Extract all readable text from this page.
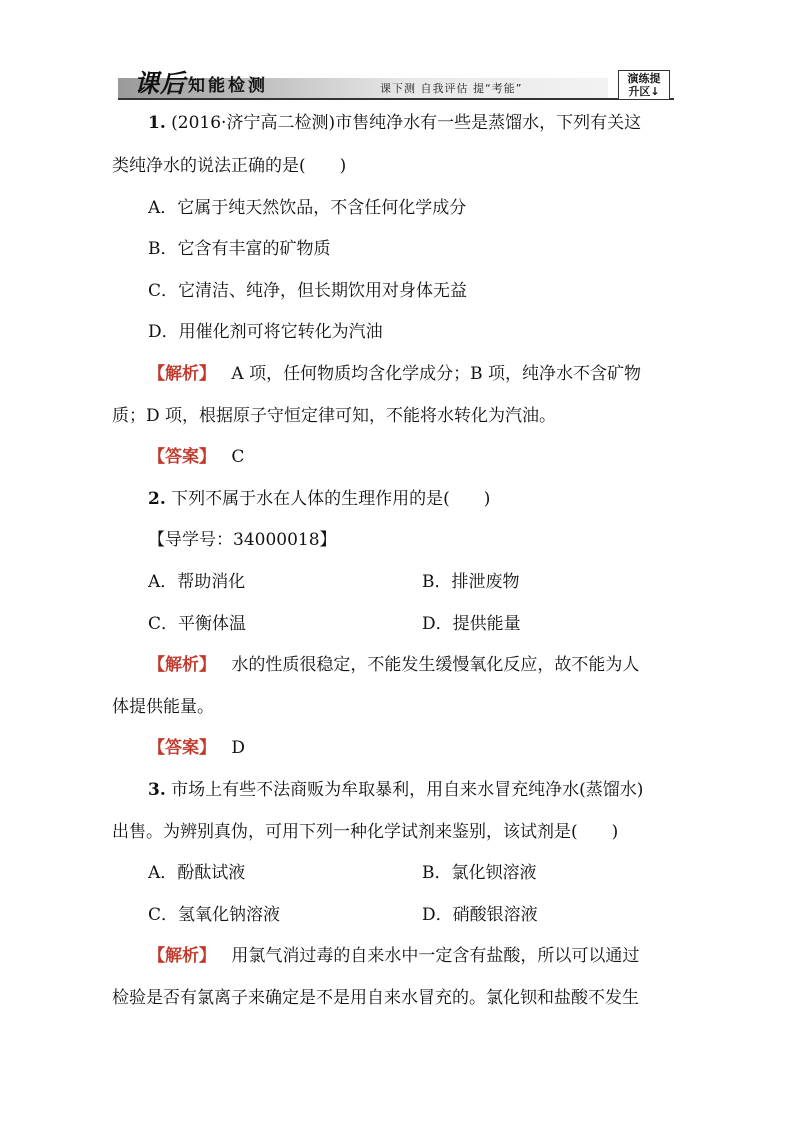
课后 知能检测	课下测 自我评估 提“考能”
演练提
升区↓
1. (2016·济宁高二检测)市售纯净水有一些是蒸馏水，下列有关这
类纯净水的说法正确的是(　　)
A．它属于纯天然饮品，不含任何化学成分
B．它含有丰富的矿物质
C．它清洁、纯净，但长期饮用对身体无益
D．用催化剂可将它转化为汽油
【解析】 A 项，任何物质均含化学成分；B 项，纯净水不含矿物
质；D 项，根据原子守恒定律可知，不能将水转化为汽油。
【答案】 C
2. 下列不属于水在人体的生理作用的是(　　)
【导学号：34000018】
A．帮助消化	B．排泄废物
C．平衡体温	D．提供能量
【解析】 水的性质很稳定，不能发生缓慢氧化反应，故不能为人
体提供能量。
【答案】 D
3. 市场上有些不法商贩为牟取暴利，用自来水冒充纯净水(蒸馏水)
出售。为辨别真伪，可用下列一种化学试剂来鉴别，该试剂是(　　)
A．酚酞试液	B．氯化钡溶液
C．氢氧化钠溶液	D．硝酸银溶液
【解析】 用氯气消过毒的自来水中一定含有盐酸，所以可以通过
检验是否有氯离子来确定是不是用自来水冒充的。氯化钡和盐酸不发生
